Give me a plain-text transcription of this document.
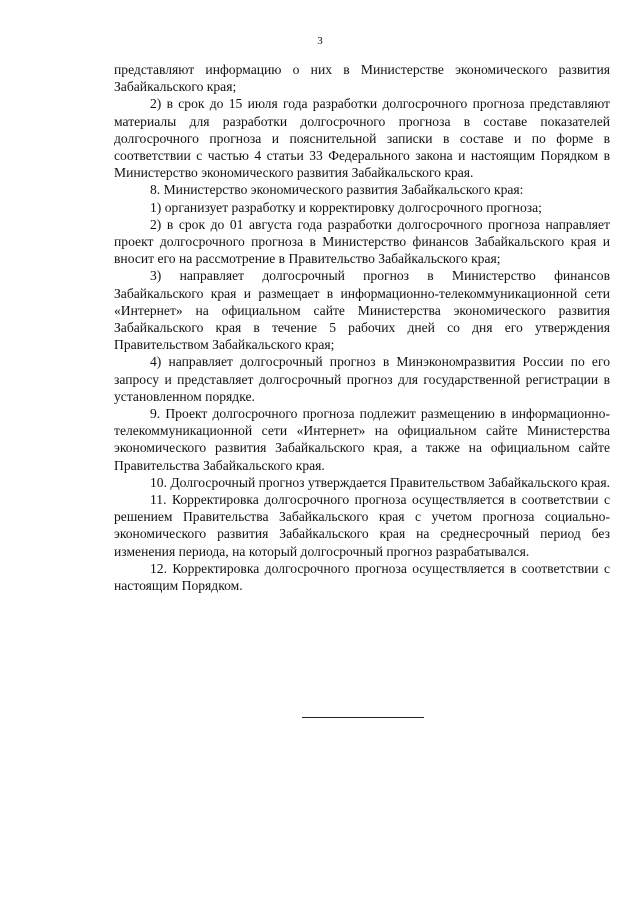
3

представляют информацию о них в Министерстве экономического развития Забайкальского края;

2) в срок до 15 июля года разработки долгосрочного прогноза представляют материалы для разработки долгосрочного прогноза в составе показателей долгосрочного прогноза и пояснительной записки в составе и по форме в соответствии с частью 4 статьи 33 Федерального закона и настоящим Порядком в Министерство экономического развития Забайкальского края.

8. Министерство экономического развития Забайкальского края:

1) организует разработку и корректировку долгосрочного прогноза;

2) в срок до 01 августа года разработки долгосрочного прогноза направляет проект долгосрочного прогноза в Министерство финансов Забайкальского края и вносит его на рассмотрение в Правительство Забайкальского края;

3) направляет долгосрочный прогноз в Министерство финансов Забайкальского края и размещает в информационно-телекоммуникационной сети «Интернет» на официальном сайте Министерства экономического развития Забайкальского края в течение 5 рабочих дней со дня его утверждения Правительством Забайкальского края;

4) направляет долгосрочный прогноз в Минэкономразвития России по его запросу и представляет долгосрочный прогноз для государственной регистрации в установленном порядке.

9. Проект долгосрочного прогноза подлежит размещению в информационно-телекоммуникационной сети «Интернет» на официальном сайте Министерства экономического развития Забайкальского края, а также на официальном сайте Правительства Забайкальского края.

10. Долгосрочный прогноз утверждается Правительством Забайкальского края.

11. Корректировка долгосрочного прогноза осуществляется в соответствии с решением Правительства Забайкальского края с учетом прогноза социально-экономического развития Забайкальского края на среднесрочный период без изменения периода, на который долгосрочный прогноз разрабатывался.

12. Корректировка долгосрочного прогноза осуществляется в соответствии с настоящим Порядком.
